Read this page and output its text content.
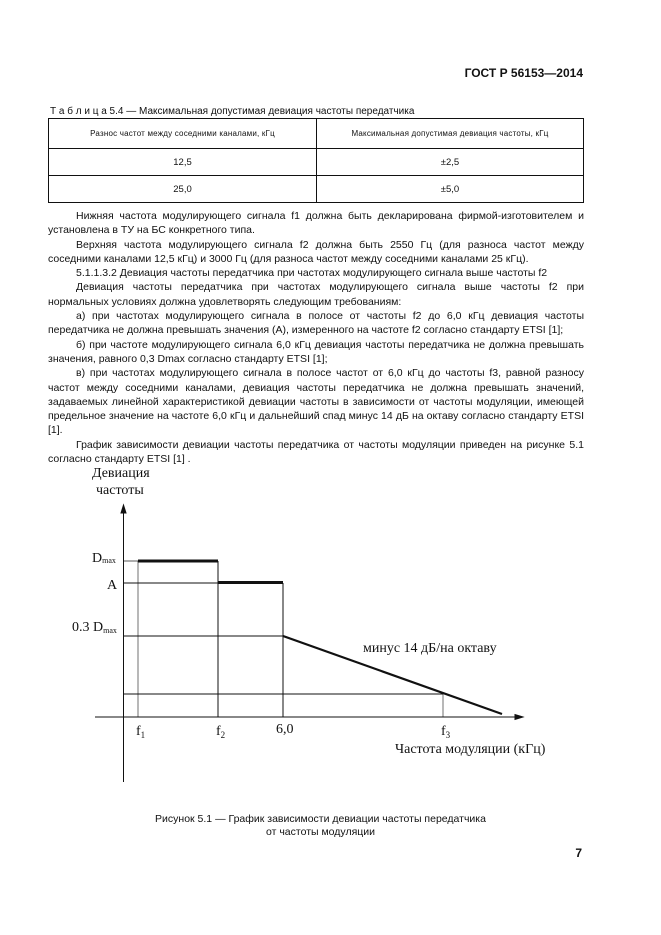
ГОСТ Р 56153—2014
Т а б л и ц а 5.4 — Максимальная допустимая девиация частоты передатчика
Разнос частот между соседними каналами, кГц	Максимальная допустимая девиация частоты, кГц
12,5	±2,5
25,0	±5,0

Нижняя частота модулирующего сигнала f1 должна быть декларирована фирмой-изготовителем и установлена в ТУ на БС конкретного типа.

Верхняя частота модулирующего сигнала f2 должна быть 2550 Гц (для разноса частот между соседними каналами 12,5 кГц) и 3000 Гц (для разноса частот между соседними каналами 25 кГц).

5.1.1.3.2 Девиация частоты передатчика при частотах модулирующего сигнала выше частоты f2

Девиация частоты передатчика при частотах модулирующего сигнала выше частоты f2 при нормальных условиях должна удовлетворять следующим требованиям:

а) при частотах модулирующего сигнала в полосе от частоты f2 до 6,0 кГц девиация частоты передатчика не должна превышать значения (А), измеренного на частоте f2 согласно стандарту ETSI [1];

б) при частоте модулирующего сигнала 6,0 кГц девиация частоты передатчика не должна превышать значения, равного 0,3 Dmax согласно стандарту ETSI [1];

в) при частотах модулирующего сигнала в полосе частот от 6,0 кГц до частоты f3, равной разносу частот между соседними каналами, девиация частоты передатчика не должна превышать значений, задаваемых линейной характеристикой девиации частоты в зависимости от частоты модуляции, имеющей предельное значение на частоте 6,0 кГц и дальнейший спад минус 14 дБ на октаву согласно стандарту ETSI [1].

График зависимости девиации частоты передатчика от частоты модуляции приведен на рисунке 5.1 согласно стандарту ETSI [1] .

Девиация
частоты
Dmax
A
0.3 Dmax
$f_1$	$f_2$	6,0	$f_3$
Частота модуляции (кГц)
минус 14 дБ/на октаву
Рисунок 5.1 — График зависимости девиации частоты передатчика
от частоты модуляции
7
